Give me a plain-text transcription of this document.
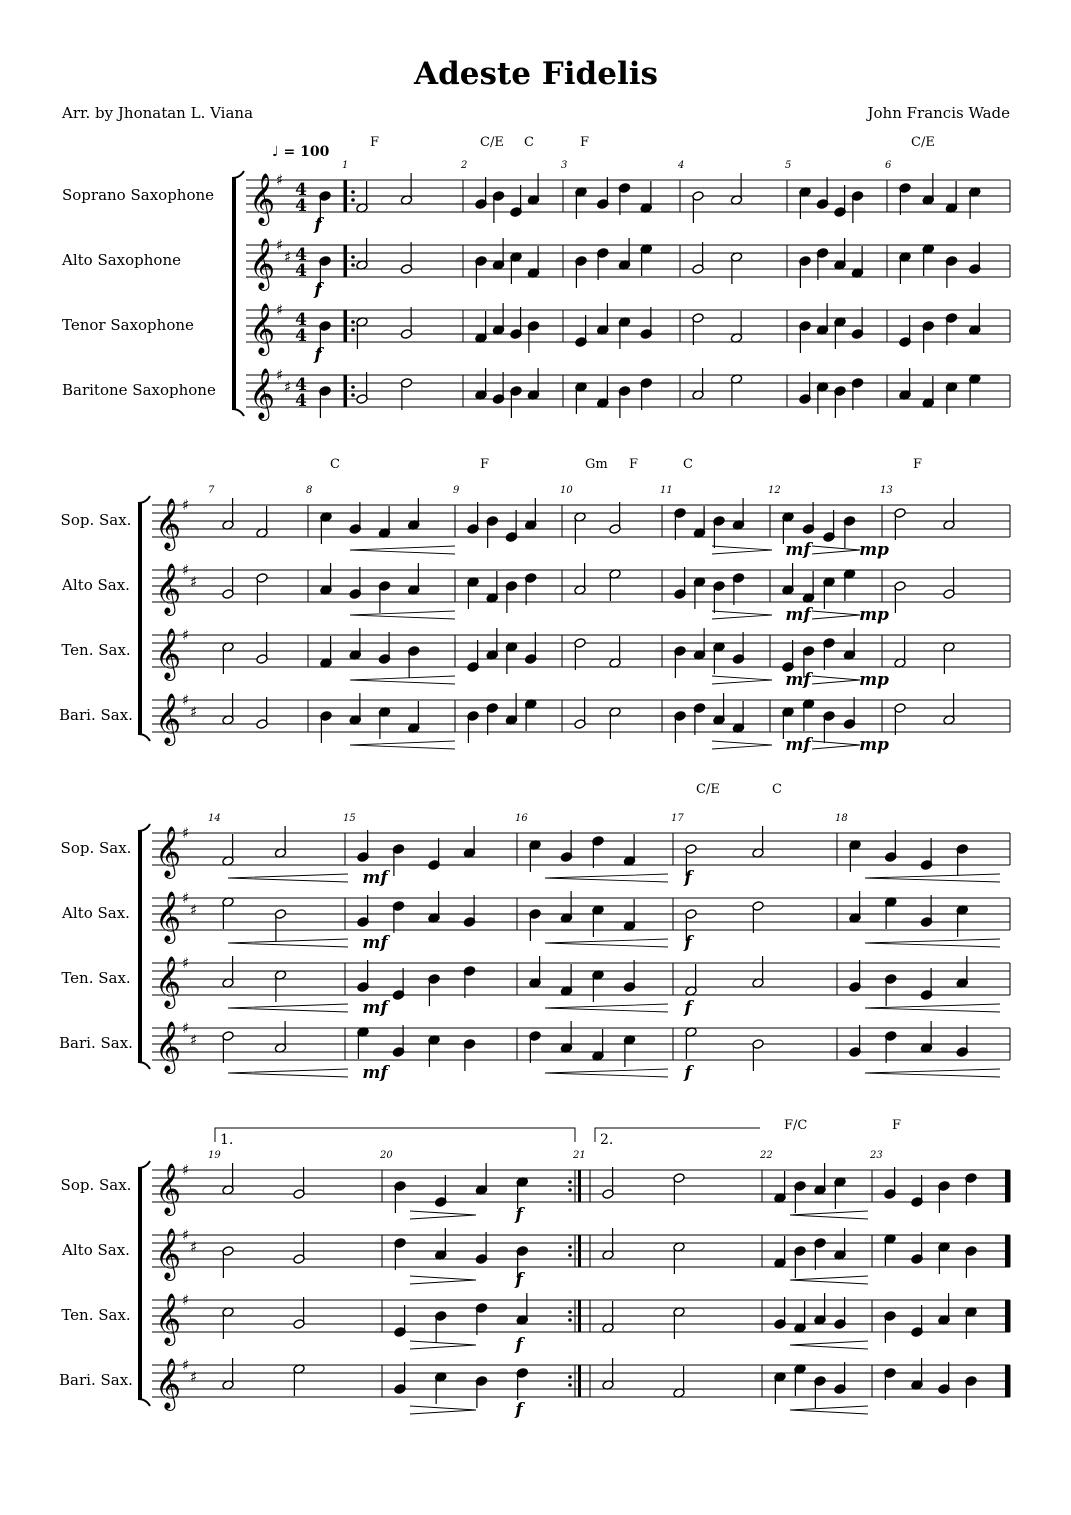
Adeste Fidelis
Arr. by Jhonatan L. Viana	John Francis Wade
♩ = 100
Soprano Saxophone 𝄞 ♯ 4
4
Alto Saxophone 𝄞 ♯
♯ 4
4
Tenor Saxophone 𝄞 ♯ 4
4
Baritone Saxophone 𝄞 ♯
♯ 4
4
1	2	3	4	5	6
F	C/E C	F	C/E
f
f
f
Sop. Sax. 𝄞 ♯
Alto Sax. 𝄞 ♯
♯
Ten. Sax. 𝄞 ♯
Bari. Sax. 𝄞 ♯
♯
7	8	9	10	11	12	13
C	F	Gm F	C	F
mf	mp
mf	mp
mf	mp
mf	mp
Sop. Sax. 𝄞 ♯
Alto Sax. 𝄞 ♯
♯
Ten. Sax. 𝄞 ♯
Bari. Sax. 𝄞 ♯
♯
14	15	16	17	18
C/E	C
mf	f
mf	f
mf	f
mf	f
Sop. Sax. 𝄞 ♯
Alto Sax. 𝄞 ♯
♯
Ten. Sax. 𝄞 ♯
Bari. Sax. 𝄞 ♯
♯
19	20	21	22	23
F/C	F
f
f
f
f
1.	2.
